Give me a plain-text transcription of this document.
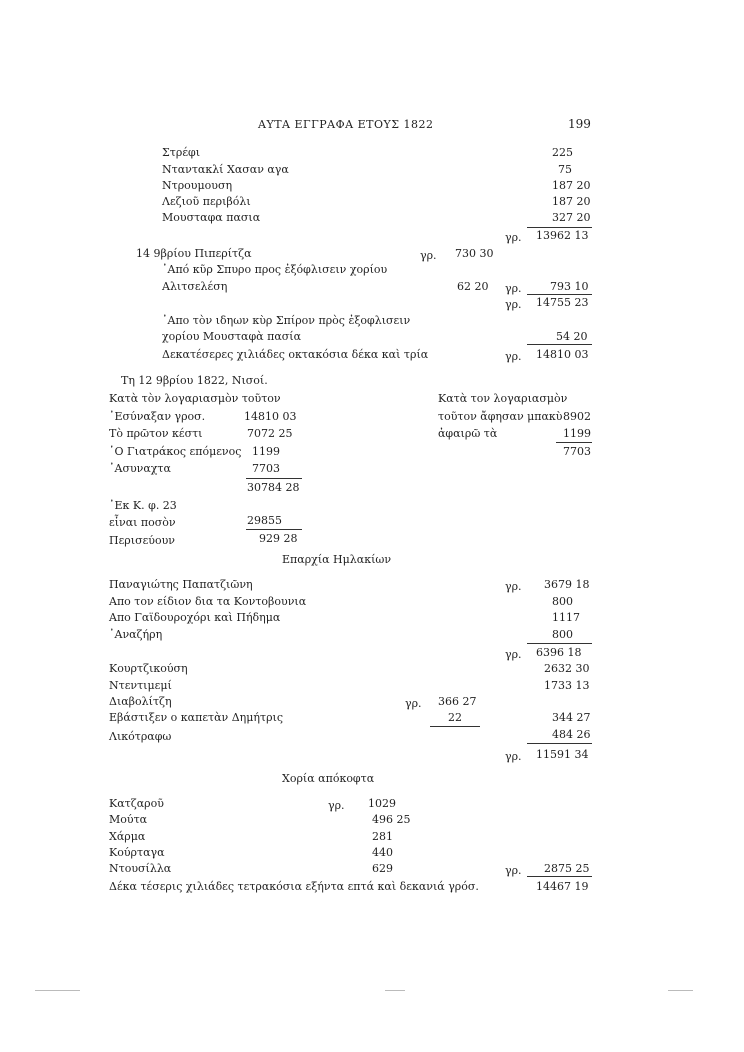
ΑΥΤΑ ΕΓΓΡΑΦΑ ΕΤΟΥΣ 1822	199
Στρέφι	225
Νταντακλί Χασαν αγα	75
Ντρουμουση	187 20
Λεζιοῦ περιβόλι	187 20
Μουσταφα πασια	327 20
γρ. 13962 13
14 9βρίου Πιπερίτζα	γρ. 730 30
᾿Από κῦρ Σπυρο προς ἐξόφλισειν χορίου
Αλιτσελέση	62 20 γρ.	793 10
γρ. 14755 23
᾿Απο τὸν ιδηων κὺρ Σπίρον πρὸς ἐξοφλισειν
χορίου Μουσταφὰ πασία	54 20
Δεκατέσερες χιλιάδες οκτακόσια δέκα καὶ τρία	γρ. 14810 03
Τη 12 9βρίου 1822, Νισοί.
Κατὰ τὸν λογαριασμὸν τοῦτον
᾿Εσύναξαν γροσ.	14810 03
Τὸ πρῶτον κέστι	7072 25
῾Ο Γιατράκος επόμενος 1199
᾿Ασυναχτα	7703
30784 28
᾿Εκ Κ. φ. 23
εἶναι ποσὸν	29855
Περισεύουν	929 28
Κατὰ τον λογαριασμὸν
τοῦτον ἄφησαν μπακὺ 8902
ἀφαιρῶ τὰ	1199
7703
Επαρχία Ημλακίων
Παναγιώτης Παπατζιῶνη	γρ. 3679 18
Απο τον είδιον δια τα Κοντοβουνια	800
Απο Γαϊδουροχόρι καὶ Πήδημα	1117
᾿Αναζήρη	800
γρ. 6396 18
Κουρτζικούση	2632 30
Ντεντιμεμί	1733 13
Διαβολίτζη	γρ. 366 27
Εβάστιξεν ο καπετὰν Δημήτρις	22	344 27
Λικότραφω	484 26
γρ. 11591 34
Χορία απόκοφτα
Κατζαροῦ	γρ. 1029
Μούτα	496 25
Χάρμα	281
Κούρταγα	440
Ντουσίλλα	629	γρ. 2875 25
Δέκα τέσερις χιλιάδες τετρακόσια εξήντα επτά καὶ δεκανιά γρόσ.	14467 19
